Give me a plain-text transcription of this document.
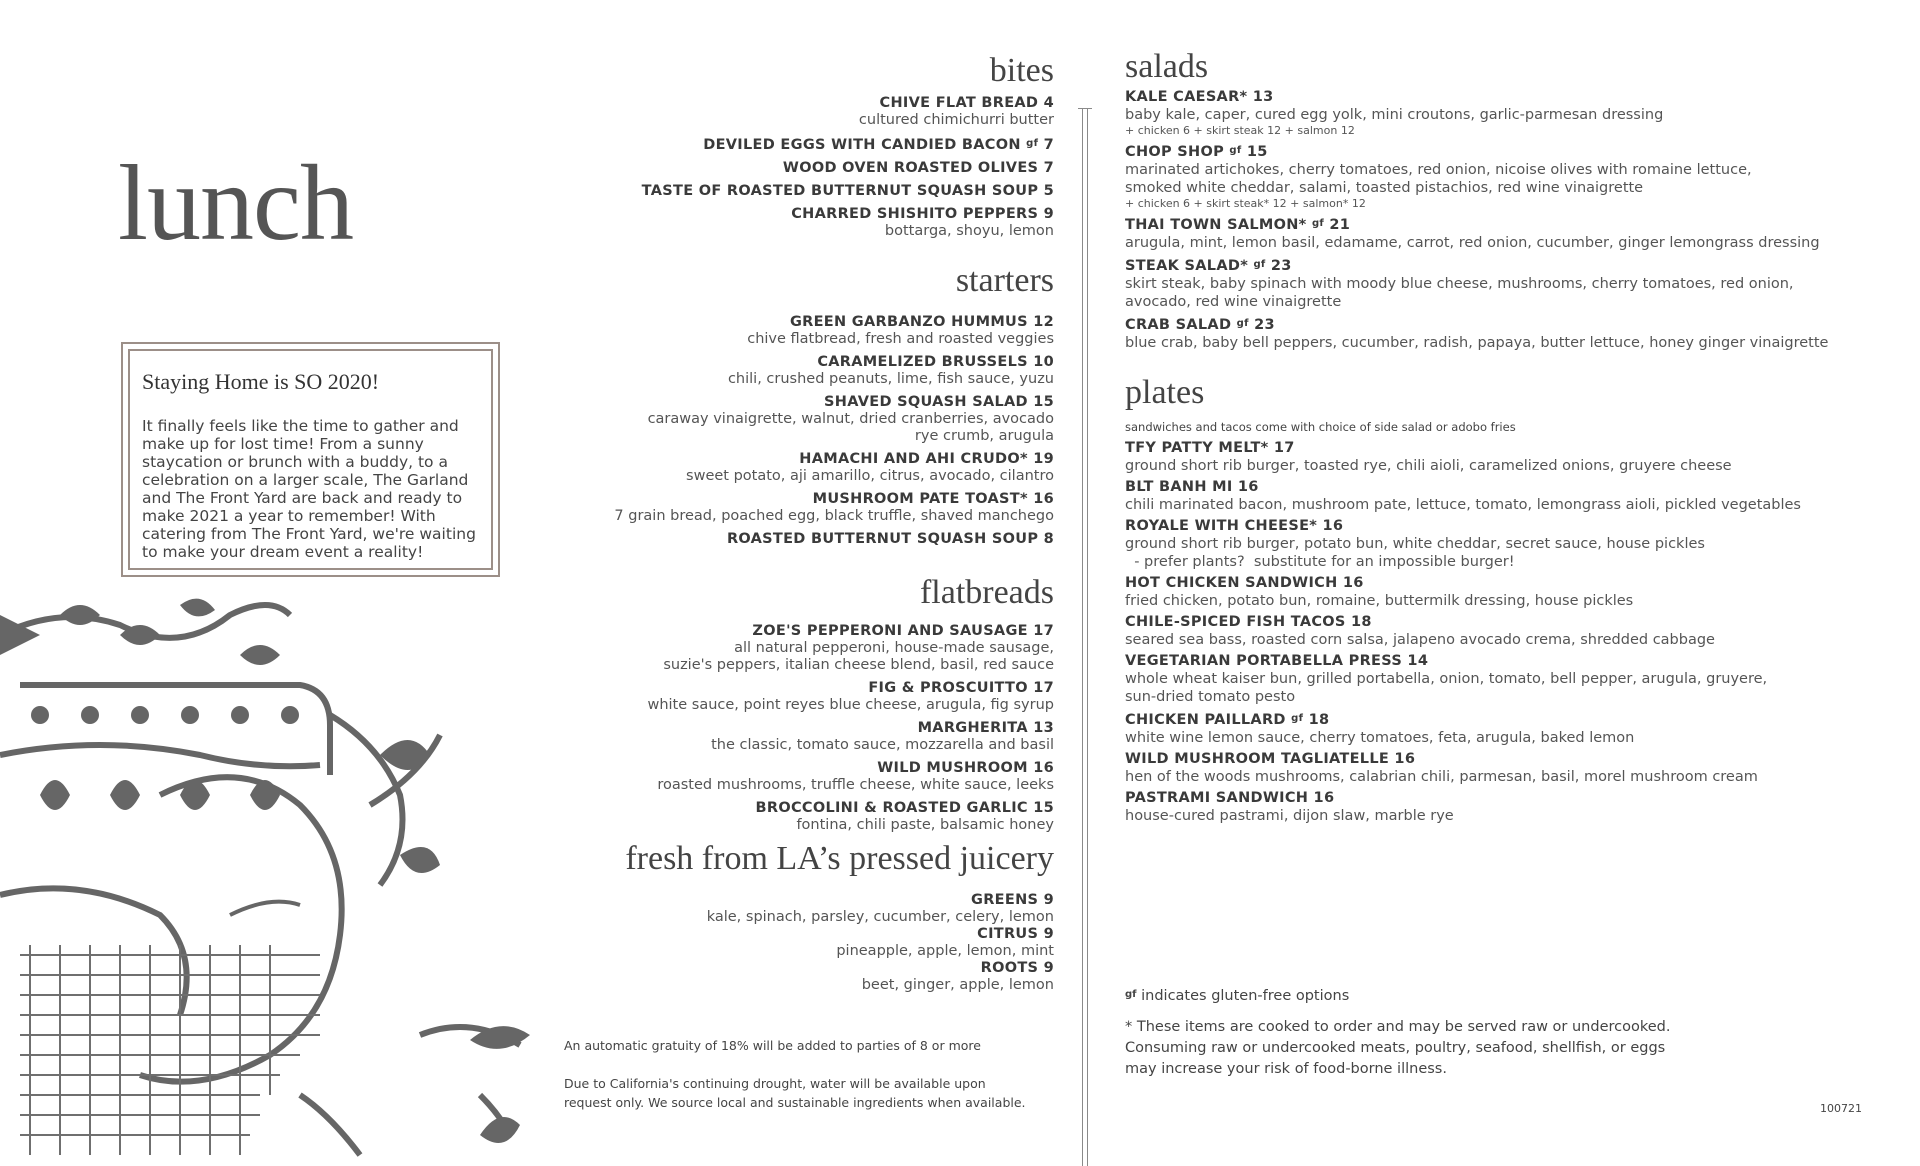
lunch
Staying Home is SO 2020!
It finally feels like the time to gather and make up for lost time! From a sunny staycation or brunch with a buddy, to a celebration on a larger scale, The Garland and The Front Yard are back and ready to make 2021 a year to remember! With catering from The Front Yard, we're waiting to make your dream event a reality!
bites
CHIVE FLAT BREAD 4
cultured chimichurri butter
DEVILED EGGS WITH CANDIED BACON $^{gf}$ 7
WOOD OVEN ROASTED OLIVES 7
TASTE OF ROASTED BUTTERNUT SQUASH SOUP 5
CHARRED SHISHITO PEPPERS 9
bottarga, shoyu, lemon
starters
GREEN GARBANZO HUMMUS 12
chive flatbread, fresh and roasted veggies
CARAMELIZED BRUSSELS 10
chili, crushed peanuts, lime, fish sauce, yuzu
SHAVED SQUASH SALAD 15
caraway vinaigrette, walnut, dried cranberries, avocado
rye crumb, arugula
HAMACHI AND AHI CRUDO* 19
sweet potato, aji amarillo, citrus, avocado, cilantro
MUSHROOM PATE TOAST* 16
7 grain bread, poached egg, black truffle, shaved manchego
ROASTED BUTTERNUT SQUASH SOUP 8
flatbreads
ZOE'S PEPPERONI AND SAUSAGE 17
all natural pepperoni, house-made sausage,
suzie's peppers, italian cheese blend, basil, red sauce
FIG & PROSCUITTO 17
white sauce, point reyes blue cheese, arugula, fig syrup
MARGHERITA 13
the classic, tomato sauce, mozzarella and basil
WILD MUSHROOM 16
roasted mushrooms, truffle cheese, white sauce, leeks
BROCCOLINI & ROASTED GARLIC 15
fontina, chili paste, balsamic honey
fresh from LA’s pressed juicery
GREENS 9
kale, spinach, parsley, cucumber, celery, lemon
CITRUS 9
pineapple, apple, lemon, mint
ROOTS 9
beet, ginger, apple, lemon
An automatic gratuity of 18% will be added to parties of 8 or more
Due to California's continuing drought, water will be available upon request only. We source local and sustainable ingredients when available.
salads
KALE CAESAR* 13
baby kale, caper, cured egg yolk, mini croutons, garlic-parmesan dressing
+ chicken 6 + skirt steak 12 + salmon 12
CHOP SHOP $^{gf}$ 15
marinated artichokes, cherry tomatoes, red onion, nicoise olives with romaine lettuce,
smoked white cheddar, salami, toasted pistachios, red wine vinaigrette
+ chicken 6 + skirt steak* 12 + salmon* 12
THAI TOWN SALMON* $^{gf}$ 21
arugula, mint, lemon basil, edamame, carrot, red onion, cucumber, ginger lemongrass dressing
STEAK SALAD* $^{gf}$ 23
skirt steak, baby spinach with moody blue cheese, mushrooms, cherry tomatoes, red onion,
avocado, red wine vinaigrette
CRAB SALAD $^{gf}$ 23
blue crab, baby bell peppers, cucumber, radish, papaya, butter lettuce, honey ginger vinaigrette
plates
sandwiches and tacos come with choice of side salad or adobo fries
TFY PATTY MELT* 17
ground short rib burger, toasted rye, chili aioli, caramelized onions, gruyere cheese
BLT BANH MI 16
chili marinated bacon, mushroom pate, lettuce, tomato, lemongrass aioli, pickled vegetables
ROYALE WITH CHEESE* 16
ground short rib burger, potato bun, white cheddar, secret sauce, house pickles
- prefer plants?  substitute for an impossible burger!
HOT CHICKEN SANDWICH 16
fried chicken, potato bun, romaine, buttermilk dressing, house pickles
CHILE-SPICED FISH TACOS 18
seared sea bass, roasted corn salsa, jalapeno avocado crema, shredded cabbage
VEGETARIAN PORTABELLA PRESS 14
whole wheat kaiser bun, grilled portabella, onion, tomato, bell pepper, arugula, gruyere,
sun-dried tomato pesto
CHICKEN PAILLARD $^{gf}$ 18
white wine lemon sauce, cherry tomatoes, feta, arugula, baked lemon
WILD MUSHROOM TAGLIATELLE 16
hen of the woods mushrooms, calabrian chili, parmesan, basil, morel mushroom cream
PASTRAMI SANDWICH 16
house-cured pastrami, dijon slaw, marble rye
$^{gf}$ indicates gluten-free options
* These items are cooked to order and may be served raw or undercooked.
Consuming raw or undercooked meats, poultry, seafood, shellfish, or eggs
may increase your risk of food-borne illness.
100721
